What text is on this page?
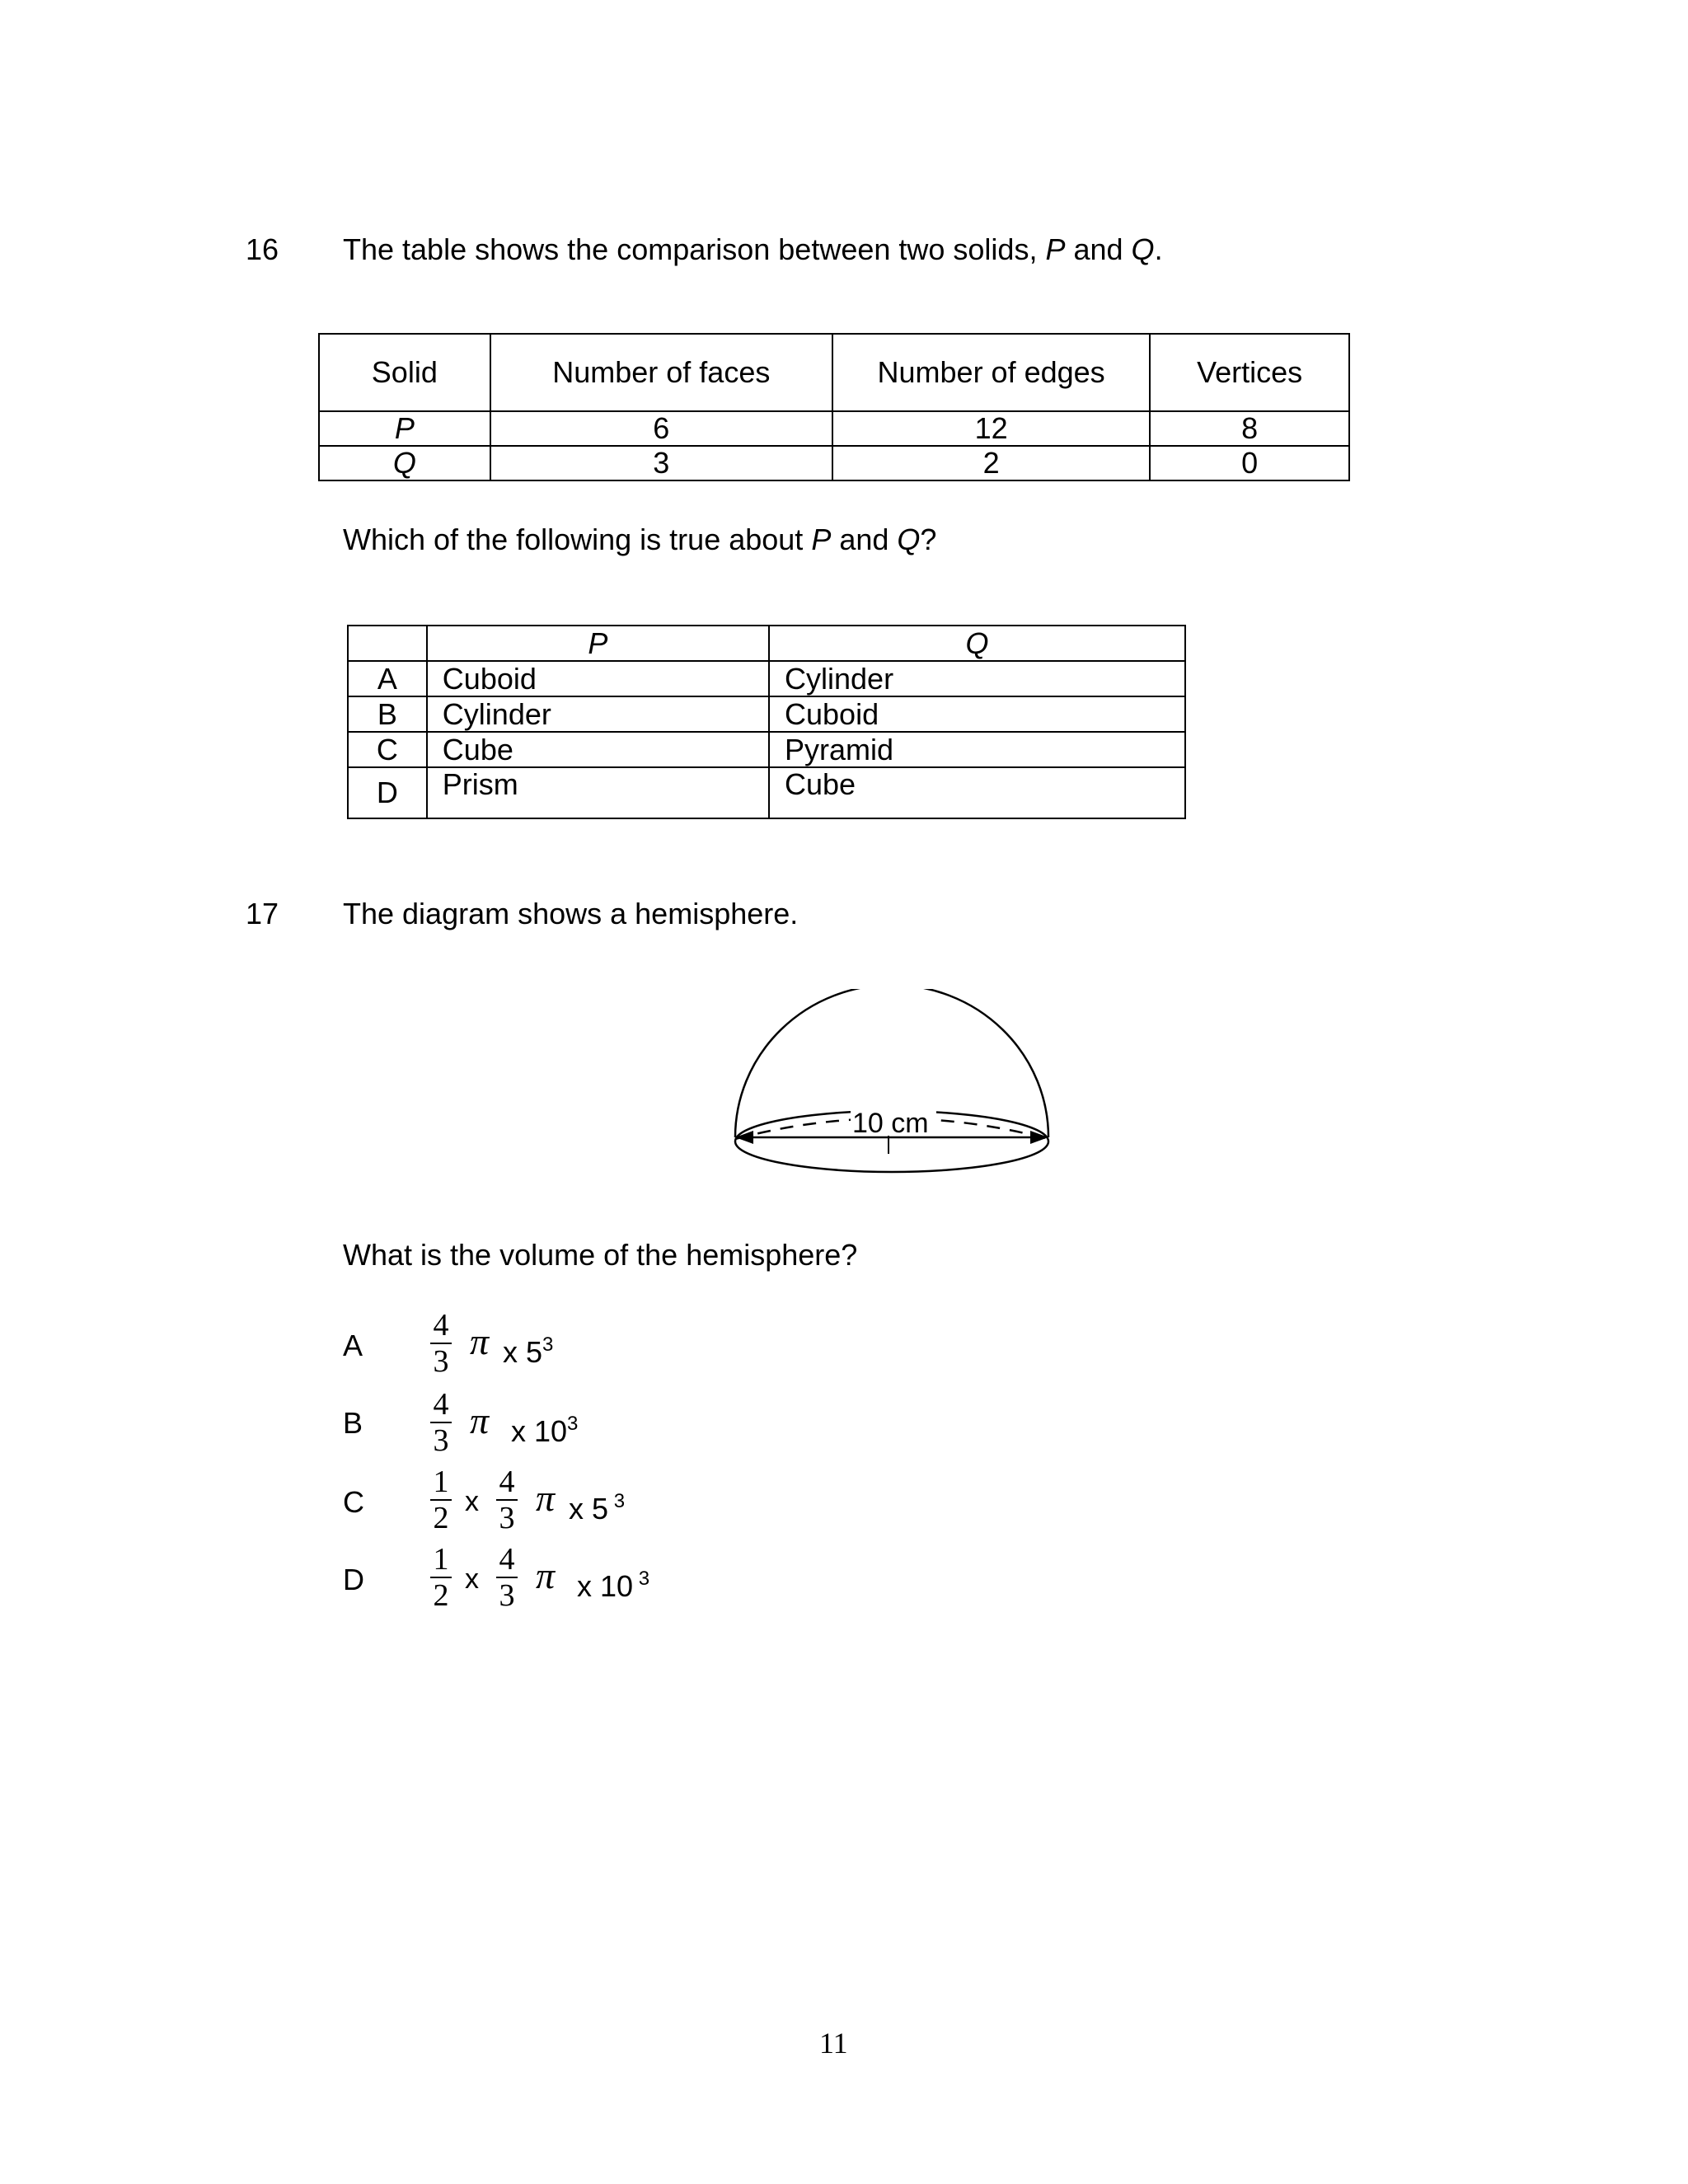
16 The table shows the comparison between two solids, P and Q.
Solid	Number of faces	Number of edges	Vertices
P	6	12	8
Q	3	2	0
Which of the following is true about P and Q?
	P	Q
A	Cuboid	Cylinder
B	Cylinder	Cuboid
C	Cube	Pyramid
D	Prism	Cube
17 The diagram shows a hemisphere.
10 cm
What is the volume of the hemisphere?
A
4
3 π x $5^3$
B
4
3 π x $10^3$
C
1
2 x
4
3 π x 5 $^3$
D
1
2 x
4
3 π x 10 $^3$
11
